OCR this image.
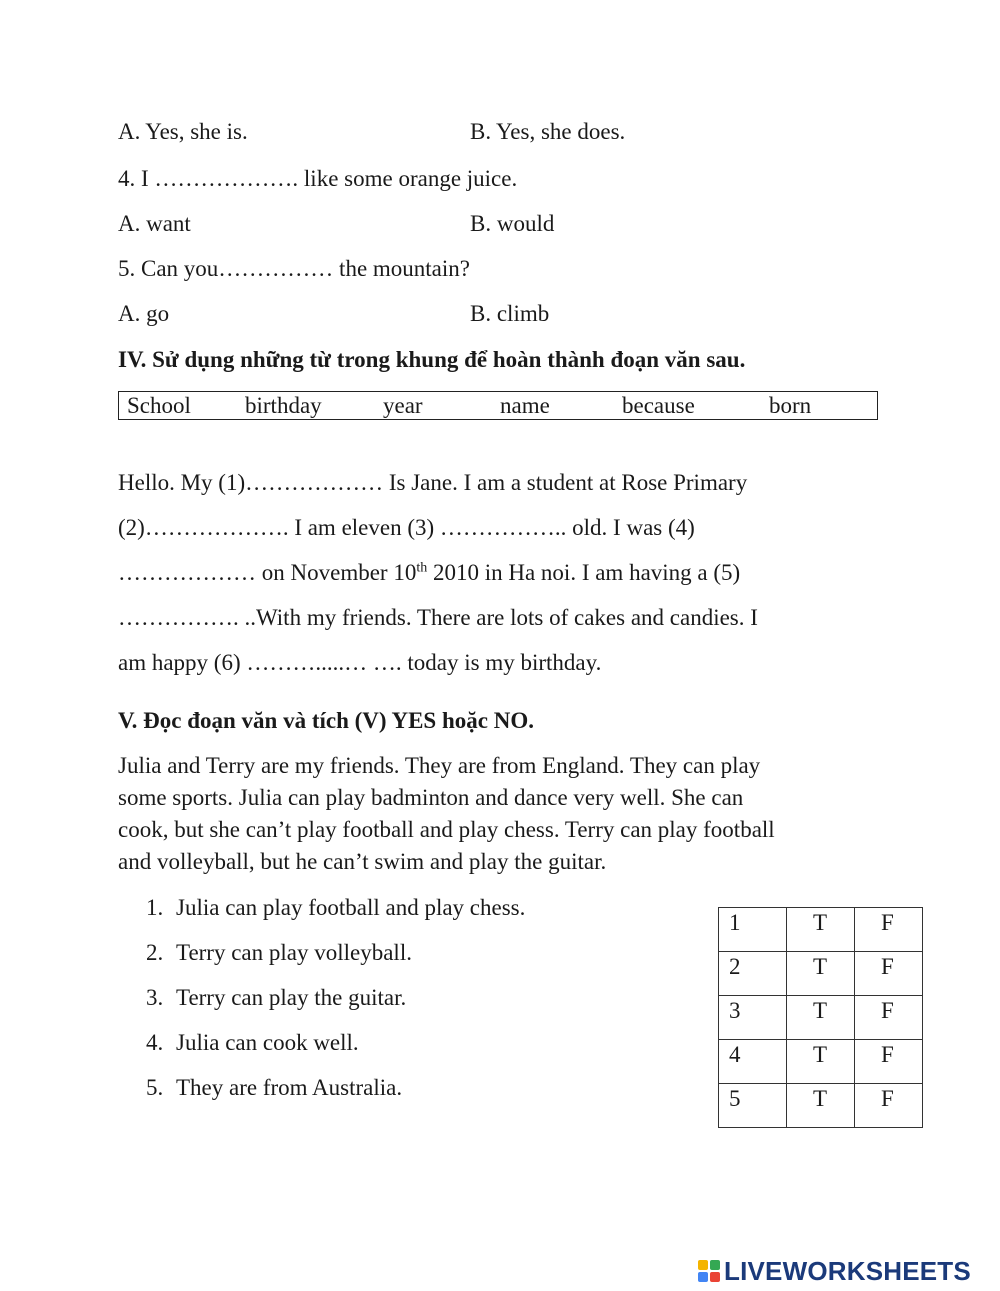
A. Yes, she is.	B. Yes, she does.
4. I ………………. like some orange juice.
A. want	B. would
5. Can you…………… the mountain?
A. go	B. climb
IV. Sử dụng những từ trong khung để hoàn thành đoạn văn sau.
School birthday	year	name	because	born
Hello. My (1)……………… Is Jane. I am a student at Rose Primary
(2)………………. I am eleven (3) …………….. old. I was (4)
……………… on November 10th 2010 in Ha noi. I am having a (5)
……………. ..With my friends. There are lots of cakes and candies. I
am happy (6) ……….....… …. today is my birthday.
V. Đọc đoạn văn và tích (V) YES hoặc NO.
Julia and Terry are my friends. They are from England. They can play
some sports. Julia can play badminton and dance very well. She can
cook, but she can’t play football and play chess. Terry can play football
and volleyball, but he can’t swim and play the guitar.
1. Julia can play football and play chess.
2. Terry can play volleyball.
3. Terry can play the guitar.
4. Julia can cook well.
5. They are from Australia.
1	T	F
2	T	F
3	T	F
4	T	F
5	T	F
LIVEWORKSHEETS
